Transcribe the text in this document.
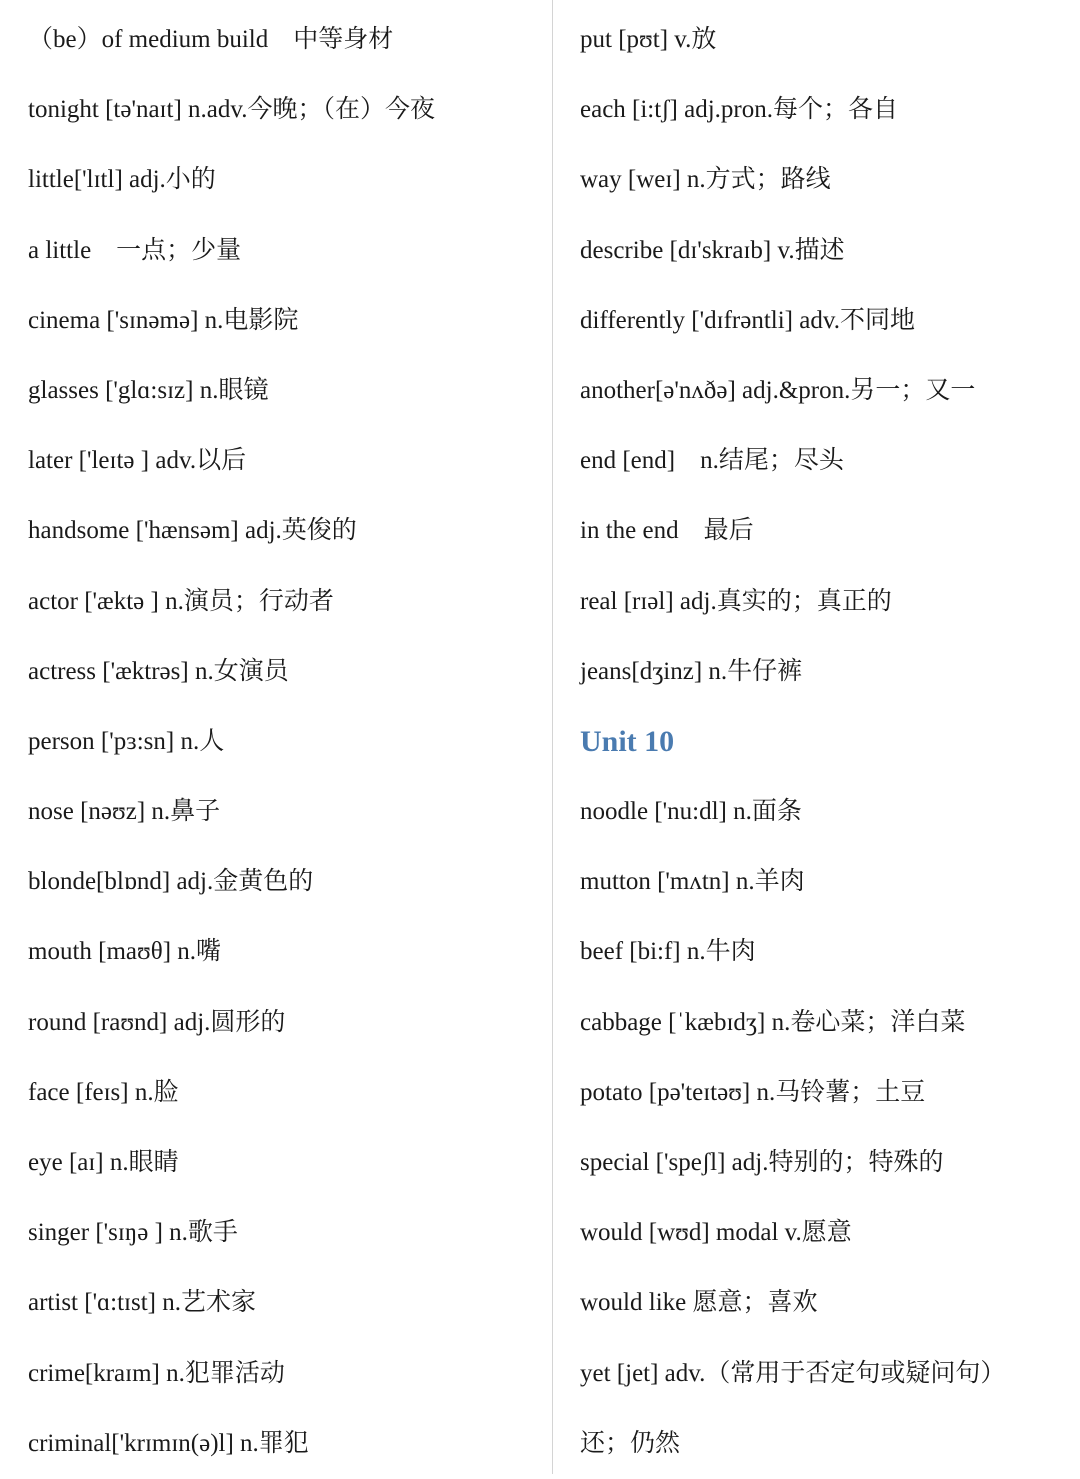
（be）of medium build　中等身材
tonight [tə'naɪt] n.adv.今晚；（在）今夜
little['lɪtl] adj.小的
a little　一点；少量
cinema ['sɪnəmə] n.电影院
glasses ['glɑ:sɪz] n.眼镜
later ['leɪtə ] adv.以后
handsome ['hænsəm] adj.英俊的
actor ['æktə ] n.演员；行动者
actress ['æktrəs] n.女演员
person ['pɜ:sn] n.人
nose [nəʊz] n.鼻子
blonde[blɒnd] adj.金黄色的
mouth [maʊθ] n.嘴
round [raʊnd] adj.圆形的
face [feɪs] n.脸
eye [aɪ] n.眼睛
singer ['sɪŋə ] n.歌手
artist ['ɑ:tɪst] n.艺术家
crime[kraɪm] n.犯罪活动
criminal['krɪmɪn(ə)l] n.罪犯
put [pʊt] v.放
each [i:tʃ] adj.pron.每个；各自
way [weɪ] n.方式；路线
describe [dɪ'skraɪb] v.描述
differently ['dɪfrəntli] adv.不同地
another[ə'nʌðə] adj.&pron.另一；又一
end [end]　n.结尾；尽头
in the end　最后
real [rɪəl] adj.真实的；真正的
jeans[dʒinz] n.牛仔裤
Unit 10
noodle ['nu:dl] n.面条
mutton ['mʌtn] n.羊肉
beef [bi:f] n.牛肉
cabbage [ˈkæbɪdʒ] n.卷心菜；洋白菜
potato [pə'teɪtəʊ] n.马铃薯；土豆
special ['speʃl] adj.特别的；特殊的
would [wʊd] modal v.愿意
would like 愿意；喜欢
yet [jet] adv.（常用于否定句或疑问句）
还；仍然
